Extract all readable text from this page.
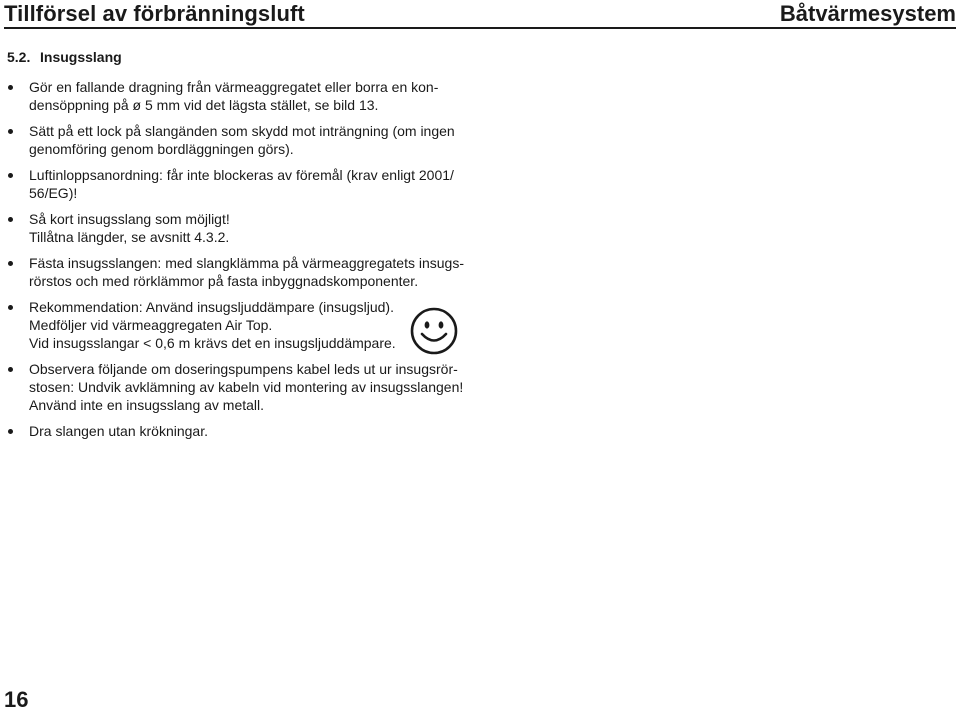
Tillförsel av förbränningsluft	Båtvärmesystem
5.2. Insugsslang
Gör en fallande dragning från värmeaggregatet eller borra en kon-
densöppning på ø 5 mm vid det lägsta stället, se bild 13.
Sätt på ett lock på slangänden som skydd mot inträngning (om ingen
genomföring genom bordläggningen görs).
Luftinloppsanordning: får inte blockeras av föremål (krav enligt 2001/
56/EG)!
Så kort insugsslang som möjligt!
Tillåtna längder, se avsnitt 4.3.2.
Fästa insugsslangen: med slangklämma på värmeaggregatets insugs-
rörstos och med rörklämmor på fasta inbyggnadskomponenter.
Rekommendation: Använd insugsljuddämpare (insugsljud).
Medföljer vid värmeaggregaten Air Top.
Vid insugsslangar < 0,6 m krävs det en insugsljuddämpare.
Observera följande om doseringspumpens kabel leds ut ur insugsrör-
stosen: Undvik avklämning av kabeln vid montering av insugsslangen!
Använd inte en insugsslang av metall.
Dra slangen utan krökningar.
16
